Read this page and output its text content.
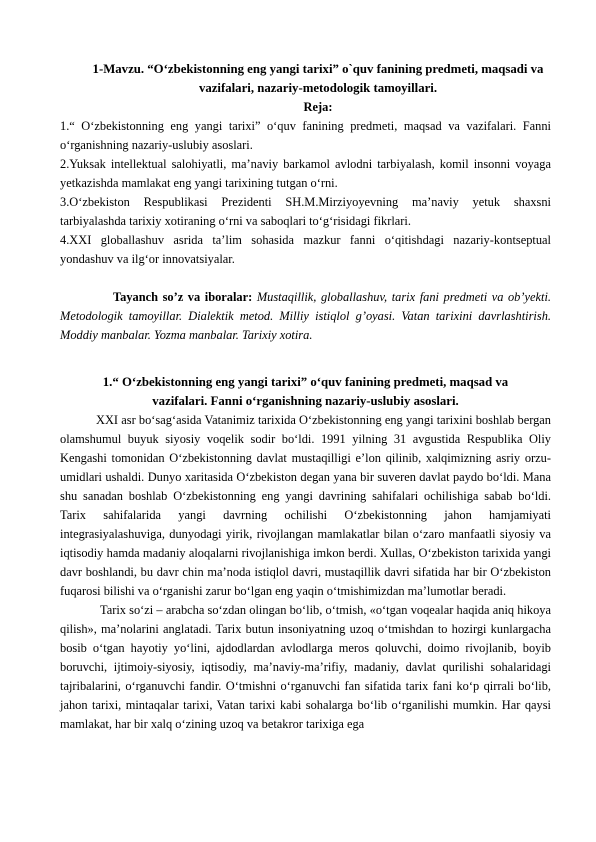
1-Mavzu. “O‘zbekistonning eng yangi tarixi” o`quv fanining predmeti, maqsadi va vazifalari, nazariy-metodologik tamoyillari.

Reja:

1.“ O‘zbekistonning eng yangi tarixi” o‘quv fanining predmeti, maqsad va vazifalari. Fanni o‘rganishning nazariy-uslubiy asoslari.

2.Yuksak intellektual salohiyatli, ma’naviy barkamol avlodni tarbiyalash, komil insonni voyaga yetkazishda mamlakat eng yangi tarixining tutgan o‘rni.

3.O‘zbekiston Respublikasi Prezidenti SH.M.Mirziyoyevning ma’naviy yetuk shaxsni tarbiyalashda tarixiy xotiraning o‘rni va saboqlari to‘g‘risidagi fikrlari.

4.XXI globallashuv asrida ta’lim sohasida mazkur fanni o‘qitishdagi nazariy-kontseptual yondashuv va ilg‘or innovatsiyalar.

Tayanch so’z va iboralar: Mustaqillik, globallashuv, tarix fani predmeti va ob’yekti. Metodologik tamoyillar. Dialektik metod. Milliy istiqlol g’oyasi. Vatan tarixini davrlashtirish. Moddiy manbalar. Yozma manbalar. Tarixiy xotira.

1.“ O‘zbekistonning eng yangi tarixi” o‘quv fanining predmeti, maqsad va vazifalari. Fanni o‘rganishning nazariy-uslubiy asoslari.

XXI asr bo‘sag‘asida Vatanimiz tarixida O‘zbekistonning eng yangi tarixini boshlab bergan olamshumul buyuk siyosiy voqelik sodir bo‘ldi. 1991 yilning 31 avgustida Respublika Oliy Kengashi tomonidan O‘zbekistonning davlat mustaqilligi e’lon qilinib, xalqimizning asriy orzu-umidlari ushaldi. Dunyo xaritasida O‘zbekiston degan yana bir suveren davlat paydo bo‘ldi. Mana shu sanadan boshlab O‘zbekistonning eng yangi davrining sahifalari ochilishiga sabab bo‘ldi. Tarix sahifalarida yangi davrning ochilishi O‘zbekistonning jahon hamjamiyati integrasiyalashuviga, dunyodagi yirik, rivojlangan mamlakatlar bilan o‘zaro manfaatli siyosiy va iqtisodiy hamda madaniy aloqalarni rivojlanishiga imkon berdi. Xullas, O‘zbekiston tarixida yangi davr boshlandi, bu davr chin ma’noda istiqlol davri, mustaqillik davri sifatida har bir O‘zbekiston fuqarosi bilishi va o‘rganishi zarur bo‘lgan eng yaqin o‘tmishimizdan ma’lumotlar beradi.

Tarix so‘zi – arabcha so‘zdan olingan bo‘lib, o‘tmish, «o‘tgan voqealar haqida aniq hikoya qilish», ma’nolarini anglatadi. Tarix butun insoniyatning uzoq o‘tmishdan to hozirgi kunlargacha bosib o‘tgan hayotiy yo‘lini, ajdodlardan avlodlarga meros qoluvchi, doimo rivojlanib, boyib boruvchi, ijtimoiy-siyosiy, iqtisodiy, ma’naviy-ma’rifiy, madaniy, davlat qurilishi sohalaridagi tajribalarini, o‘rganuvchi fandir. O‘tmishni o‘rganuvchi fan sifatida tarix fani ko‘p qirrali bo‘lib, jahon tarixi, mintaqalar tarixi, Vatan tarixi kabi sohalarga bo‘lib o‘rganilishi mumkin. Har qaysi mamlakat, har bir xalq o‘zining uzoq va betakror tarixiga ega
